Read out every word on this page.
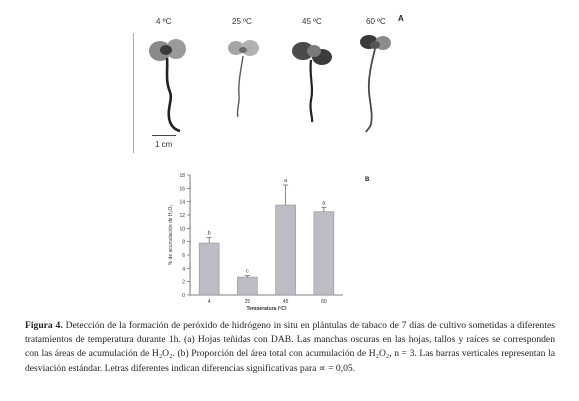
4 ºC	25 ºC	45 ºC	60 ºC A
1 cm
B
0
2
4
6
8
10
12
14
16
18
b
4
c
25
a
45
a
60
Temperatura (ºC)
% de acumulación de H₂O₂
Figura 4. Detección de la formación de peróxido de hidrógeno in situ en plántulas de tabaco de 7 días de cultivo sometidas a diferentes tratamientos de temperatura durante 1h. (a) Hojas teñidas con DAB. Las manchas oscuras en las hojas, tallos y raíces se corresponden con las áreas de acumulación de H₂O₂. (b) Proporción del área total con acumulación de H₂O₂, n = 3. Las barras verticales representan la desviación estándar. Letras diferentes indican diferencias significativas para ∝ = 0,05.
